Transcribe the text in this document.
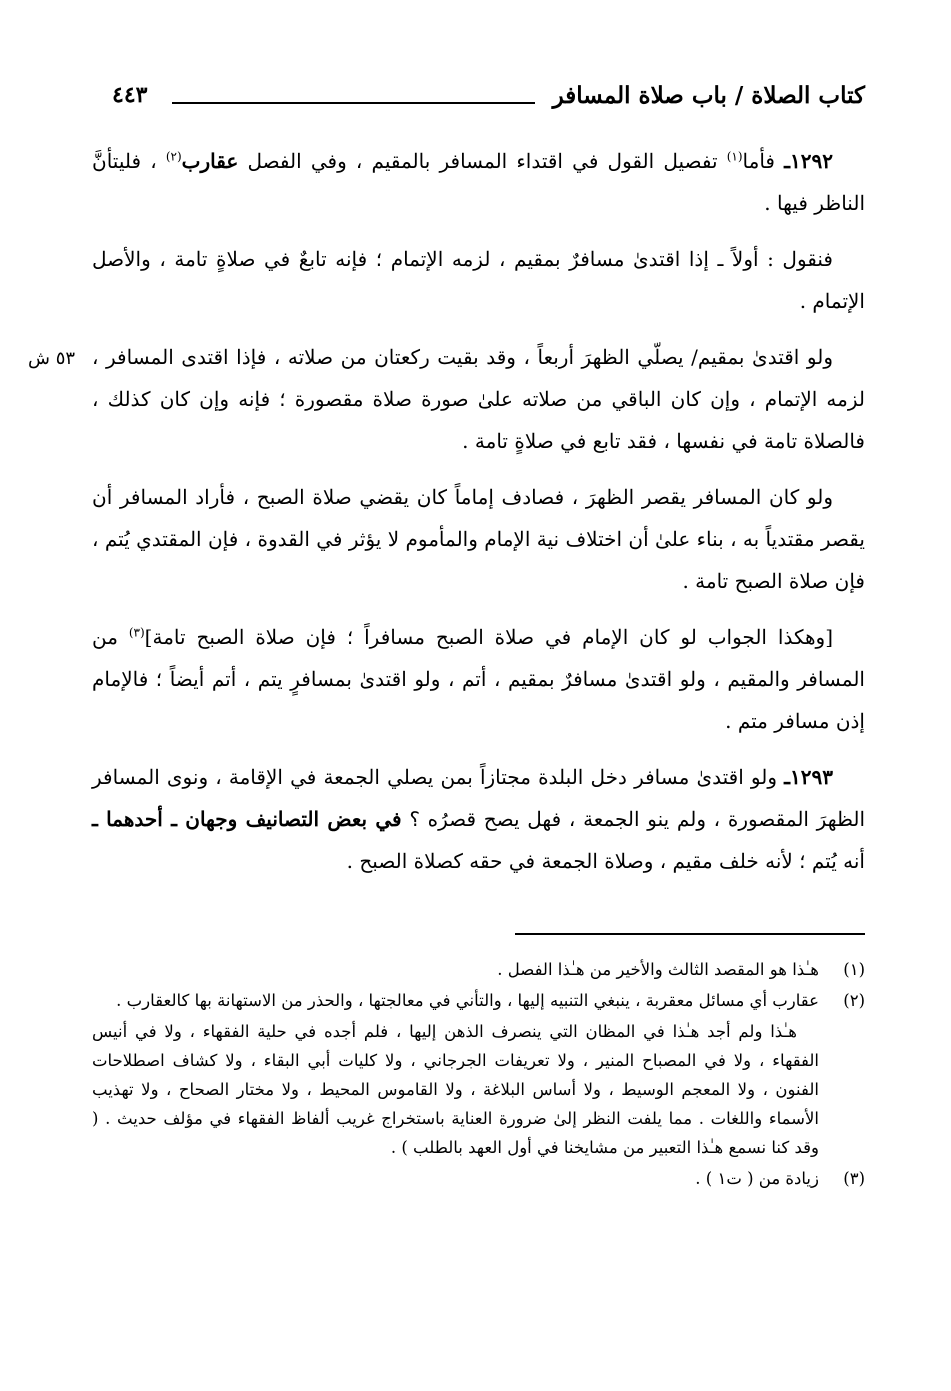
كتاب الصلاة / باب صلاة المسافر
٤٤٣
٥٣ ش

١٢٩٢ـ فأما$^{(١)}$ تفصيل القول في اقتداء المسافر بالمقيم ، وفي الفصل عقارب$^{(٢)}$ ، فليتأنَّ الناظر فيها .

فنقول : أولاً ـ إذا اقتدىٰ مسافرٌ بمقيم ، لزمه الإتمام ؛ فإنه تابعٌ في صلاةٍ تامة ، والأصل الإتمام .

ولو اقتدىٰ بمقيم/ يصلّي الظهرَ أربعاً ، وقد بقيت ركعتان من صلاته ، فإذا اقتدى المسافر ، لزمه الإتمام ، وإن كان الباقي من صلاته علىٰ صورة صلاة مقصورة ؛ فإنه وإن كان كذلك ، فالصلاة تامة في نفسها ، فقد تابع في صلاةٍ تامة .

ولو كان المسافر يقصر الظهرَ ، فصادف إماماً كان يقضي صلاة الصبح ، فأراد المسافر أن يقصر مقتدياً به ، بناء علىٰ أن اختلاف نية الإمام والمأموم لا يؤثر في القدوة ، فإن المقتدي يُتم ، فإن صلاة الصبح تامة .

[وهكذا الجواب لو كان الإمام في صلاة الصبح مسافراً ؛ فإن صلاة الصبح تامة]$^{(٣)}$ من المسافر والمقيم ، ولو اقتدىٰ مسافرٌ بمقيم ، أتم ، ولو اقتدىٰ بمسافرٍ يتم ، أتم أيضاً ؛ فالإمام إذن مسافر متم .

١٢٩٣ـ ولو اقتدىٰ مسافر دخل البلدة مجتازاً بمن يصلي الجمعة في الإقامة ، ونوى المسافر الظهرَ المقصورة ، ولم ينو الجمعة ، فهل يصح قصرُه ؟ في بعض التصانيف وجهان ـ أحدهما ـ أنه يُتم ؛ لأنه خلف مقيم ، وصلاة الجمعة في حقه كصلاة الصبح .

(١)
هـٰذا هو المقصد الثالث والأخير من هـٰذا الفصل .
(٢)
عقارب أي مسائل معقربة ، ينبغي التنبيه إليها ، والتأني في معالجتها ، والحذر من الاستهانة بها كالعقارب .
هـٰذا ولم أجد هـٰذا في المظان التي ينصرف الذهن إليها ، فلم أجده في حلية الفقهاء ، ولا في أنيس الفقهاء ، ولا في المصباح المنير ، ولا تعريفات الجرجاني ، ولا كليات أبي البقاء ، ولا كشاف اصطلاحات الفنون ، ولا المعجم الوسيط ، ولا أساس البلاغة ، ولا القاموس المحيط ، ولا مختار الصحاح ، ولا تهذيب الأسماء واللغات . مما يلفت النظر إلىٰ ضرورة العناية باستخراج غريب ألفاظ الفقهاء في مؤلف حديث . ( وقد كنا نسمع هـٰذا التعبير من مشايخنا في أول العهد بالطلب ) .
(٣)
زيادة من ( ت١ ) .
